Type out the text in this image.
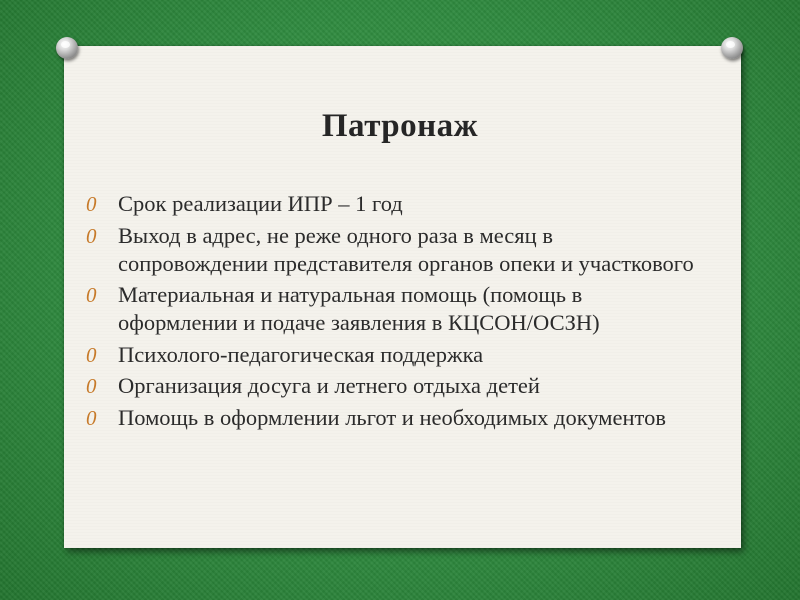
Патронаж
0 Срок реализации ИПР – 1 год
0 Выход в адрес, не реже одного раза в месяц в сопровождении представителя органов опеки и участкового
0 Материальная и натуральная помощь (помощь в оформлении и подаче заявления в КЦСОН/ОСЗН)
0 Психолого-педагогическая поддержка
0 Организация досуга и летнего отдыха детей
0 Помощь в оформлении льгот и необходимых документов
